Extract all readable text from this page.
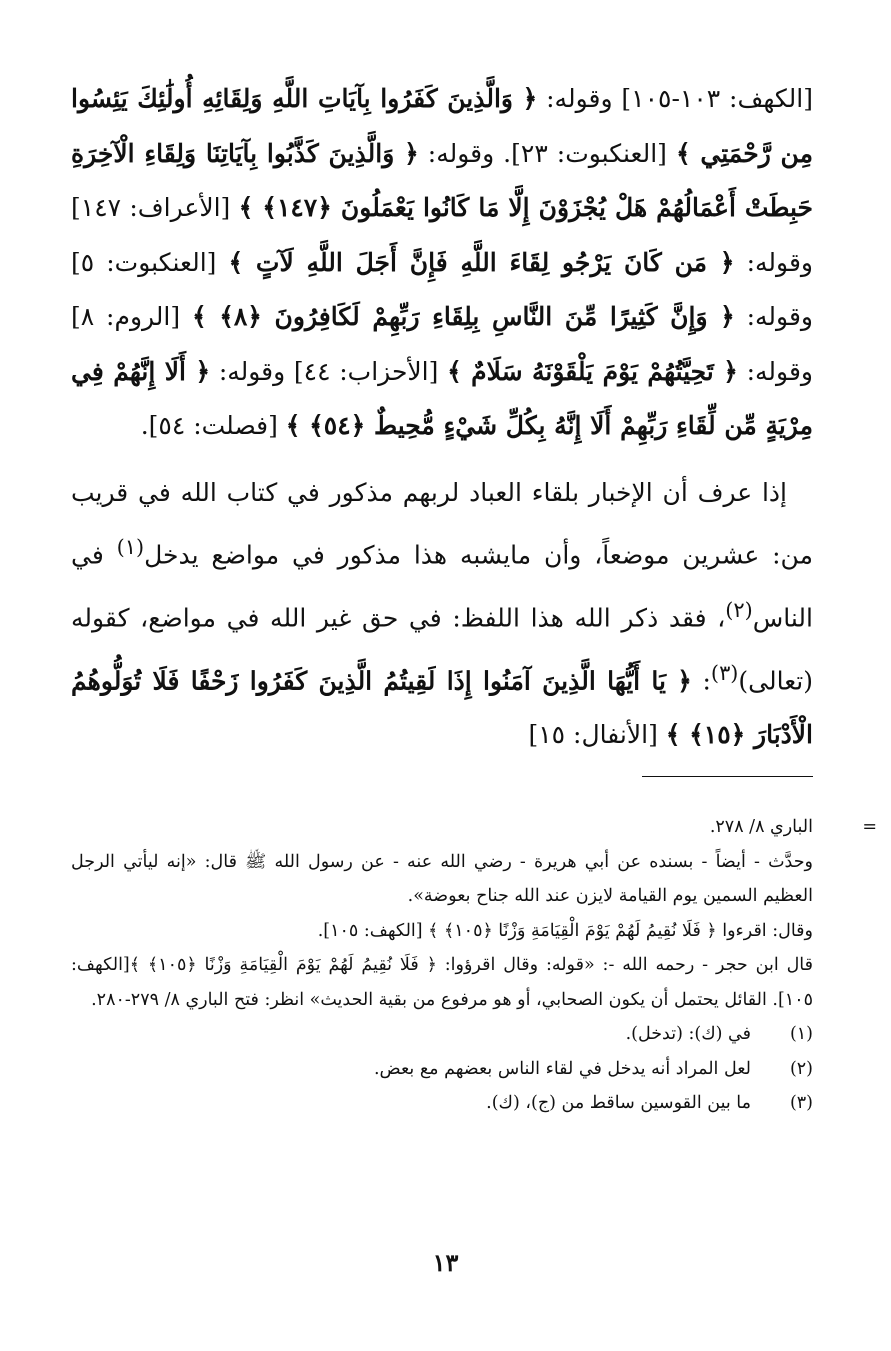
[الكهف: ١٠٣-١٠٥] وقوله: ﴿ وَالَّذِينَ كَفَرُوا بِآيَاتِ اللَّهِ وَلِقَائِهِ أُولَٰئِكَ يَئِسُوا مِن رَّحْمَتِي ﴾ [العنكبوت: ٢٣]. وقوله: ﴿ وَالَّذِينَ كَذَّبُوا بِآيَاتِنَا وَلِقَاءِ الْآخِرَةِ حَبِطَتْ أَعْمَالُهُمْ هَلْ يُجْزَوْنَ إِلَّا مَا كَانُوا يَعْمَلُونَ ﴿١٤٧﴾ ﴾ [الأعراف: ١٤٧] وقوله: ﴿ مَن كَانَ يَرْجُو لِقَاءَ اللَّهِ فَإِنَّ أَجَلَ اللَّهِ لَآتٍ ﴾ [العنكبوت: ٥] وقوله: ﴿ وَإِنَّ كَثِيرًا مِّنَ النَّاسِ بِلِقَاءِ رَبِّهِمْ لَكَافِرُونَ ﴿٨﴾ ﴾ [الروم: ٨] وقوله: ﴿ تَحِيَّتُهُمْ يَوْمَ يَلْقَوْنَهُ سَلَامٌ ﴾ [الأحزاب: ٤٤] وقوله: ﴿ أَلَا إِنَّهُمْ فِي مِرْيَةٍ مِّن لِّقَاءِ رَبِّهِمْ أَلَا إِنَّهُ بِكُلِّ شَيْءٍ مُّحِيطٌ ﴿٥٤﴾ ﴾ [فصلت: ٥٤].

إذا عرف أن الإخبار بلقاء العباد لربهم مذكور في كتاب الله في قريب من: عشرين موضعاً، وأن مايشبه هذا مذكور في مواضع يدخل$^{(١)}$ في الناس$^{(٢)}$، فقد ذكر الله هذا اللفظ: في حق غير الله في مواضع، كقوله (تعالى)$^{(٣)}$: ﴿ يَا أَيُّهَا الَّذِينَ آمَنُوا إِذَا لَقِيتُمُ الَّذِينَ كَفَرُوا زَحْفًا فَلَا تُوَلُّوهُمُ الْأَدْبَارَ ﴿١٥﴾ ﴾ [الأنفال: ١٥]

=

الباري ٨/ ٢٧٨.

وحدَّث - أيضاً - بسنده عن أبي هريرة - رضي الله عنه - عن رسول الله ﷺ قال: «إنه ليأتي الرجل العظيم السمين يوم القيامة لايزن عند الله جناح بعوضة».

وقال: اقرءوا ﴿ فَلَا نُقِيمُ لَهُمْ يَوْمَ الْقِيَامَةِ وَزْنًا ﴿١٠٥﴾ ﴾ [الكهف: ١٠٥].

قال ابن حجر - رحمه الله -: «قوله: وقال اقرؤوا: ﴿ فَلَا نُقِيمُ لَهُمْ يَوْمَ الْقِيَامَةِ وَزْنًا ﴿١٠٥﴾ ﴾[الكهف: ١٠٥]. القائل يحتمل أن يكون الصحابي، أو هو مرفوع من بقية الحديث» انظر: فتح الباري ٨/ ٢٧٩-٢٨٠.

(١)
في (ك): (تدخل).
(٢)
لعل المراد أنه يدخل في لقاء الناس بعضهم مع بعض.
(٣)
ما بين القوسين ساقط من (ج)، (ك).
١٣
